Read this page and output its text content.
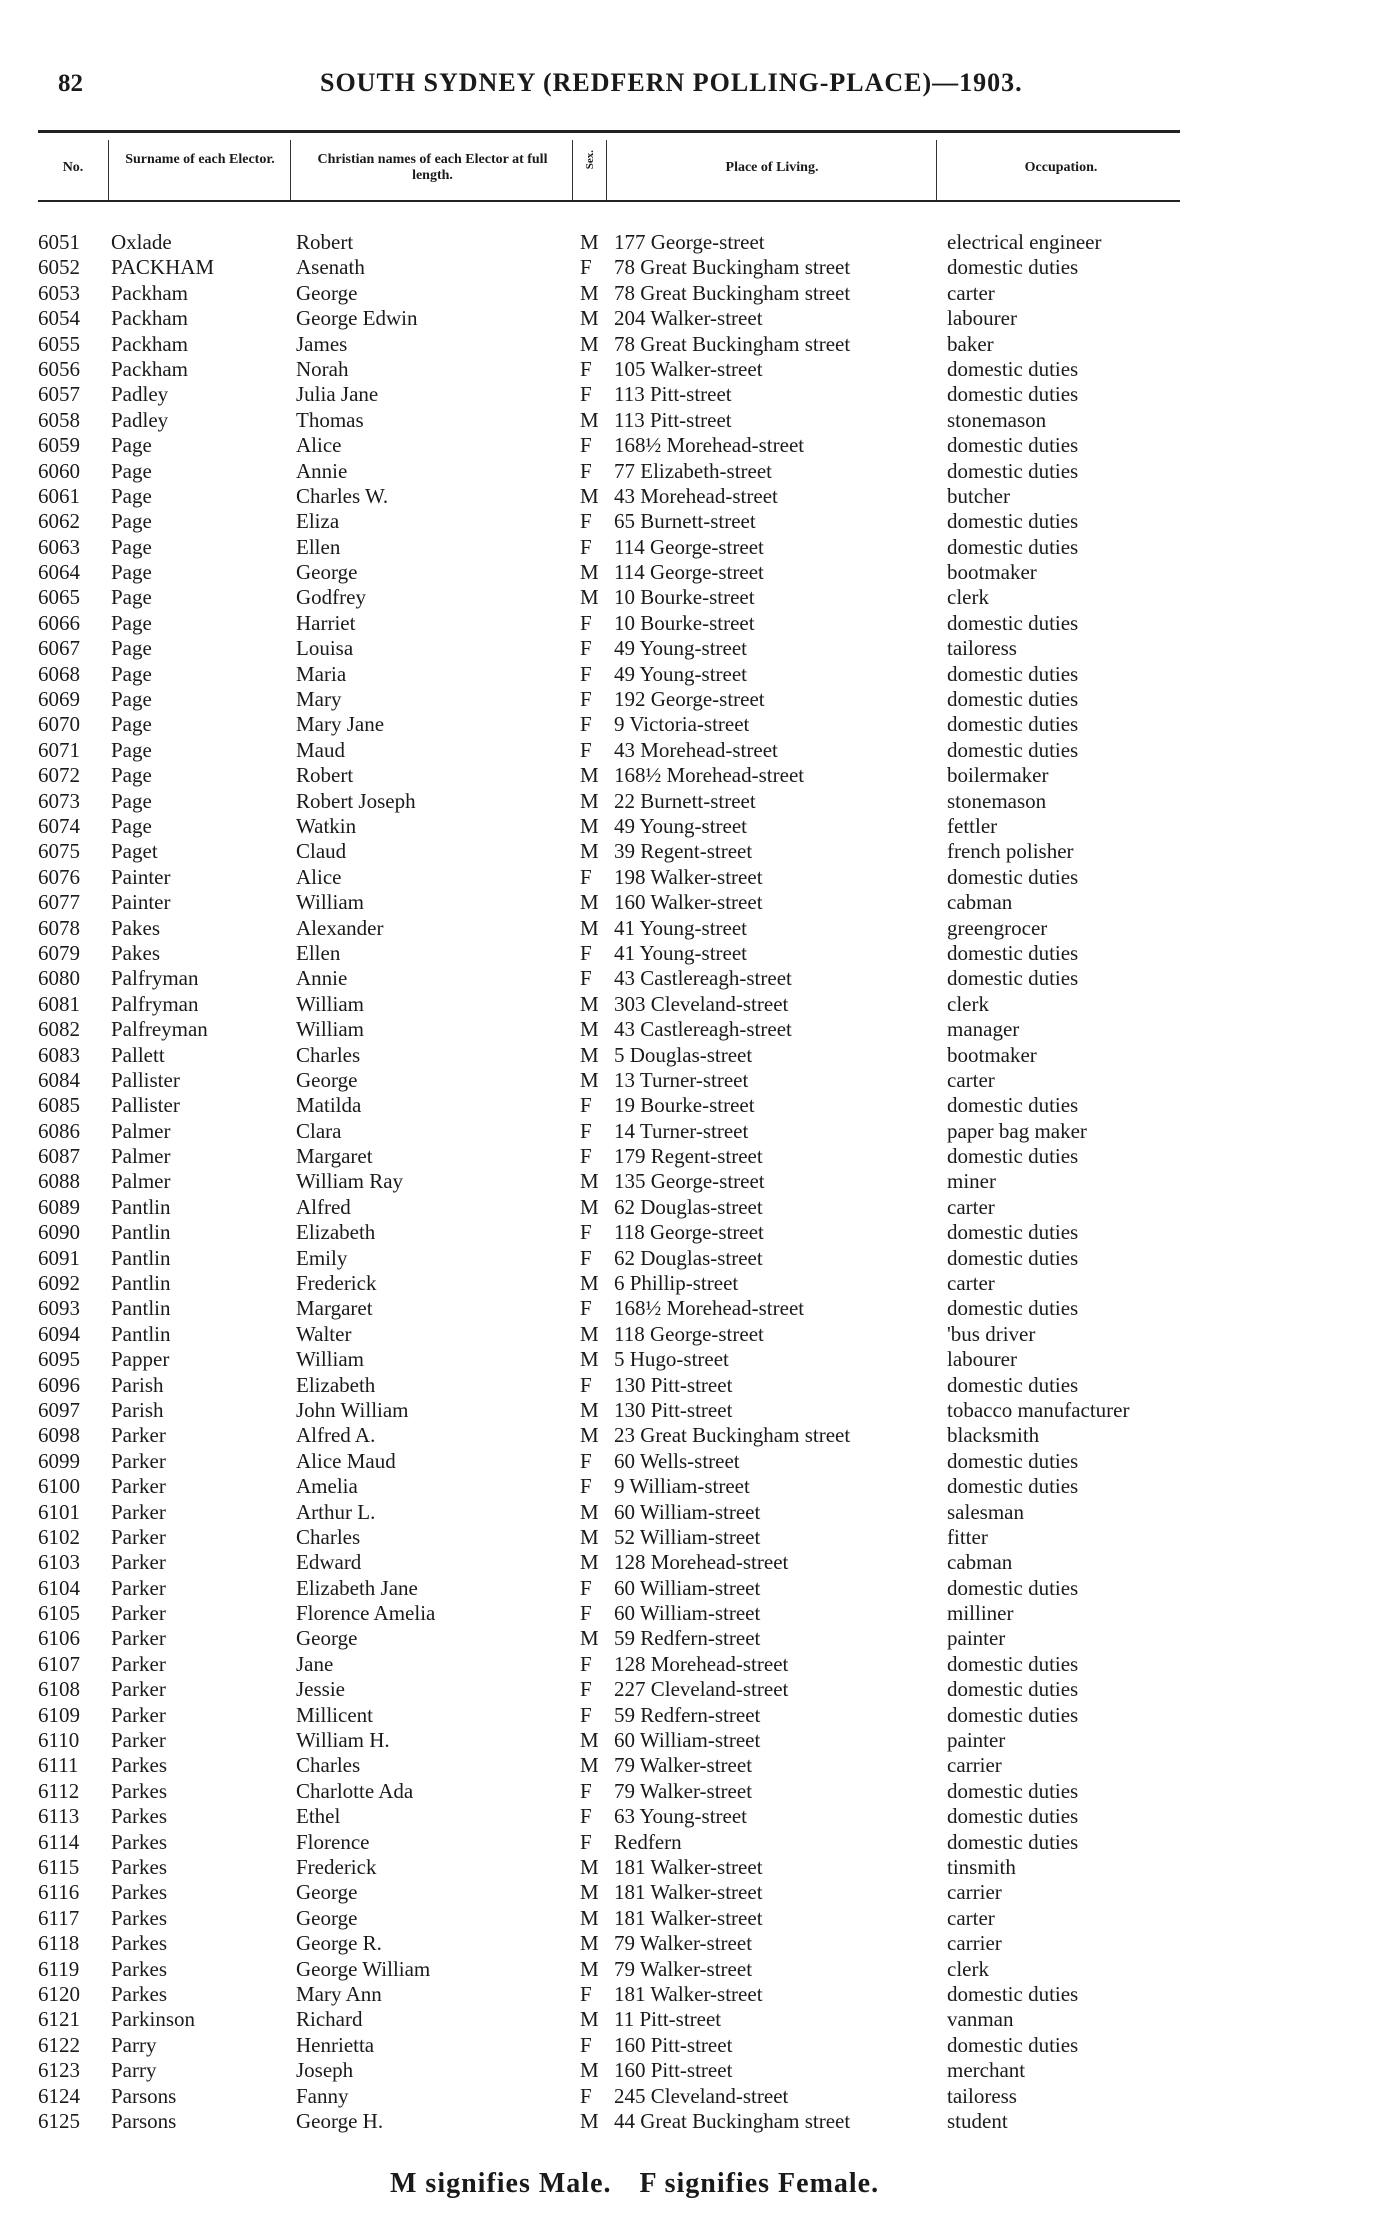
82	SOUTH SYDNEY (REDFERN POLLING-PLACE)—1903.
No.
Surname of each Elector.	Christian names of each Elector at full length.
Sex.	Place of Living.	Occupation.
6051 Oxlade	Robert	M 177 George-street	electrical engineer
6052 PACKHAM	Asenath	F 78 Great Buckingham street	domestic duties
6053 Packham	George	M 78 Great Buckingham street	carter
6054 Packham	George Edwin	M 204 Walker-street	labourer
6055 Packham	James	M 78 Great Buckingham street	baker
6056 Packham	Norah	F 105 Walker-street	domestic duties
6057 Padley	Julia Jane	F 113 Pitt-street	domestic duties
6058 Padley	Thomas	M 113 Pitt-street	stonemason
6059 Page	Alice	F 168½ Morehead-street	domestic duties
6060 Page	Annie	F 77 Elizabeth-street	domestic duties
6061 Page	Charles W.	M 43 Morehead-street	butcher
6062 Page	Eliza	F 65 Burnett-street	domestic duties
6063 Page	Ellen	F 114 George-street	domestic duties
6064 Page	George	M 114 George-street	bootmaker
6065 Page	Godfrey	M 10 Bourke-street	clerk
6066 Page	Harriet	F 10 Bourke-street	domestic duties
6067 Page	Louisa	F 49 Young-street	tailoress
6068 Page	Maria	F 49 Young-street	domestic duties
6069 Page	Mary	F 192 George-street	domestic duties
6070 Page	Mary Jane	F 9 Victoria-street	domestic duties
6071 Page	Maud	F 43 Morehead-street	domestic duties
6072 Page	Robert	M 168½ Morehead-street	boilermaker
6073 Page	Robert Joseph	M 22 Burnett-street	stonemason
6074 Page	Watkin	M 49 Young-street	fettler
6075 Paget	Claud	M 39 Regent-street	french polisher
6076 Painter	Alice	F 198 Walker-street	domestic duties
6077 Painter	William	M 160 Walker-street	cabman
6078 Pakes	Alexander	M 41 Young-street	greengrocer
6079 Pakes	Ellen	F 41 Young-street	domestic duties
6080 Palfryman	Annie	F 43 Castlereagh-street	domestic duties
6081 Palfryman	William	M 303 Cleveland-street	clerk
6082 Palfreyman	William	M 43 Castlereagh-street	manager
6083 Pallett	Charles	M 5 Douglas-street	bootmaker
6084 Pallister	George	M 13 Turner-street	carter
6085 Pallister	Matilda	F 19 Bourke-street	domestic duties
6086 Palmer	Clara	F 14 Turner-street	paper bag maker
6087 Palmer	Margaret	F 179 Regent-street	domestic duties
6088 Palmer	William Ray	M 135 George-street	miner
6089 Pantlin	Alfred	M 62 Douglas-street	carter
6090 Pantlin	Elizabeth	F 118 George-street	domestic duties
6091 Pantlin	Emily	F 62 Douglas-street	domestic duties
6092 Pantlin	Frederick	M 6 Phillip-street	carter
6093 Pantlin	Margaret	F 168½ Morehead-street	domestic duties
6094 Pantlin	Walter	M 118 George-street	'bus driver
6095 Papper	William	M 5 Hugo-street	labourer
6096 Parish	Elizabeth	F 130 Pitt-street	domestic duties
6097 Parish	John William	M 130 Pitt-street	tobacco manufacturer
6098 Parker	Alfred A.	M 23 Great Buckingham street	blacksmith
6099 Parker	Alice Maud	F 60 Wells-street	domestic duties
6100 Parker	Amelia	F 9 William-street	domestic duties
6101 Parker	Arthur L.	M 60 William-street	salesman
6102 Parker	Charles	M 52 William-street	fitter
6103 Parker	Edward	M 128 Morehead-street	cabman
6104 Parker	Elizabeth Jane	F 60 William-street	domestic duties
6105 Parker	Florence Amelia	F 60 William-street	milliner
6106 Parker	George	M 59 Redfern-street	painter
6107 Parker	Jane	F 128 Morehead-street	domestic duties
6108 Parker	Jessie	F 227 Cleveland-street	domestic duties
6109 Parker	Millicent	F 59 Redfern-street	domestic duties
6110 Parker	William H.	M 60 William-street	painter
6111 Parkes	Charles	M 79 Walker-street	carrier
6112 Parkes	Charlotte Ada	F 79 Walker-street	domestic duties
6113 Parkes	Ethel	F 63 Young-street	domestic duties
6114 Parkes	Florence	F Redfern	domestic duties
6115 Parkes	Frederick	M 181 Walker-street	tinsmith
6116 Parkes	George	M 181 Walker-street	carrier
6117 Parkes	George	M 181 Walker-street	carter
6118 Parkes	George R.	M 79 Walker-street	carrier
6119 Parkes	George William	M 79 Walker-street	clerk
6120 Parkes	Mary Ann	F 181 Walker-street	domestic duties
6121 Parkinson	Richard	M 11 Pitt-street	vanman
6122 Parry	Henrietta	F 160 Pitt-street	domestic duties
6123 Parry	Joseph	M 160 Pitt-street	merchant
6124 Parsons	Fanny	F 245 Cleveland-street	tailoress
6125 Parsons	George H.	M 44 Great Buckingham street	student
M signifies Male. F signifies Female.
